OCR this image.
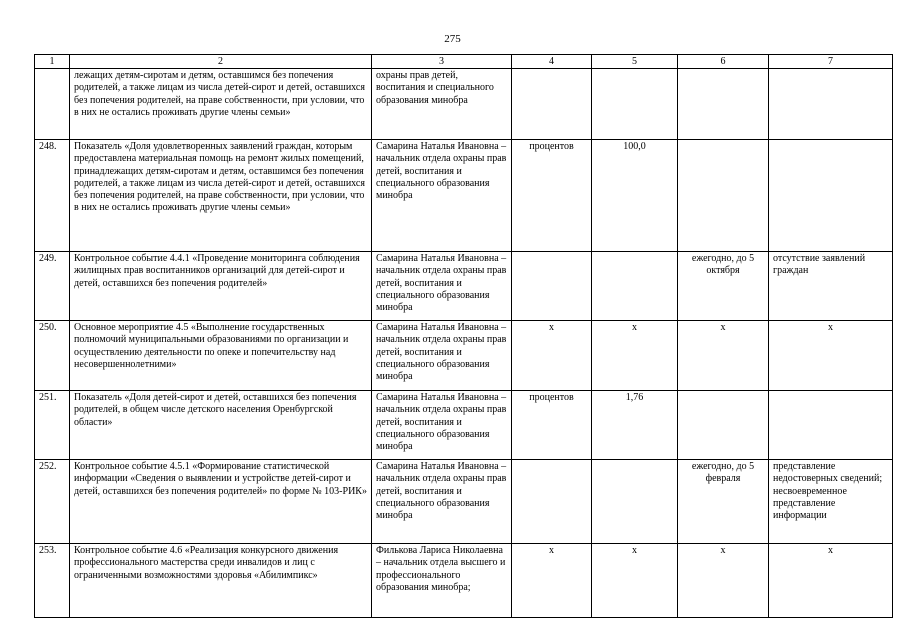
275
1	2	3	4	5	6	7
	лежащих детям-сиротам и детям, оставшимся без попечения родителей, а также лицам из числа детей-сирот и детей, оставшихся без попечения родителей, на праве собственности, при условии, что в них не остались проживать другие члены семьи»	охраны прав детей, воспитания и специального образования минобра				
248.	Показатель «Доля удовлетворенных заявлений граждан, которым предоставлена материальная помощь на ремонт жилых помещений, принадлежащих детям-сиротам и детям, оставшимся без попечения родителей, а также лицам из числа детей-сирот и детей, оставшихся без попечения родителей, на праве собственности, при условии, что в них не остались проживать другие члены семьи»	Самарина Наталья Ивановна – начальник отдела охраны прав детей, воспитания и специального образования минобра	процентов	100,0		
249.	Контрольное событие 4.4.1 «Проведение мониторинга соблюдения жилищных прав воспитанников организаций для детей-сирот и детей, оставшихся без попечения родителей»	Самарина Наталья Ивановна – начальник отдела охраны прав детей, воспитания и специального образования минобра			ежегодно, до 5 октября	отсутствие заявлений граждан
250.	Основное мероприятие 4.5 «Выполнение государственных полномочий муниципальными образованиями по организации и осуществлению деятельности по опеке и попечительству над несовершеннолетними»	Самарина Наталья Ивановна – начальник отдела охраны прав детей, воспитания и специального образования минобра	x	x	x	x
251.	Показатель «Доля детей-сирот и детей, оставшихся без попечения родителей, в общем числе детского населения Оренбургской области»	Самарина Наталья Ивановна – начальник отдела охраны прав детей, воспитания и специального образования минобра	процентов	1,76		
252.	Контрольное событие 4.5.1 «Формирование статистической информации «Сведения о выявлении и устройстве детей-сирот и детей, оставшихся без попечения родителей» по форме № 103-РИК»	Самарина Наталья Ивановна – начальник отдела охраны прав детей, воспитания и специального образования минобра			ежегодно, до 5 февраля	представление недостоверных сведений; несвоевременное представление информации
253.	Контрольное событие 4.6 «Реализация конкурсного движения профессионального мастерства среди инвалидов и лиц с ограниченными возможностями здоровья «Абилимпикс»	Филькова Лариса Николаевна – начальник отдела высшего и профессионального образования минобра;	x	x	x	x
